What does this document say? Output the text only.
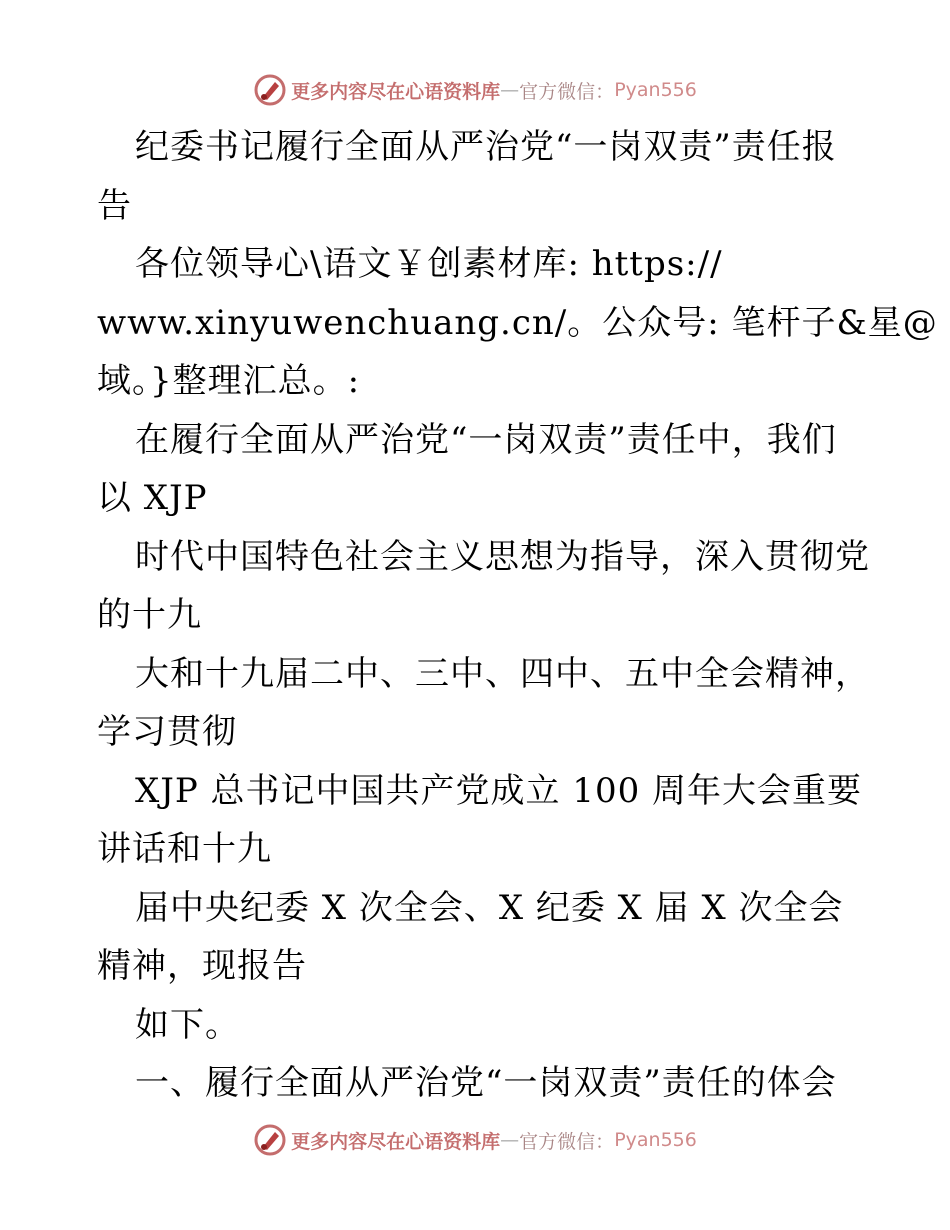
更多内容尽在心语资料库 — 官方微信： Pyan556
纪委书记履行全面从严治党“一岗双责”责任报
告
各位领导心\语文￥创素材库: https://
www.xinyuwenchuang.cn/。公众号: 笔杆子&星@
域。}整理汇总。:
在履行全面从严治党“一岗双责”责任中，我们
以 XJP
时代中国特色社会主义思想为指导，深入贯彻党
的十九
大和十九届二中、三中、四中、五中全会精神，
学习贯彻
XJP 总书记中国共产党成立 100 周年大会重要
讲话和十九
届中央纪委 X 次全会、X 纪委 X 届 X 次全会
精神，现报告
如下。
一、履行全面从严治党“一岗双责”责任的体会
更多内容尽在心语资料库 — 官方微信： Pyan556
